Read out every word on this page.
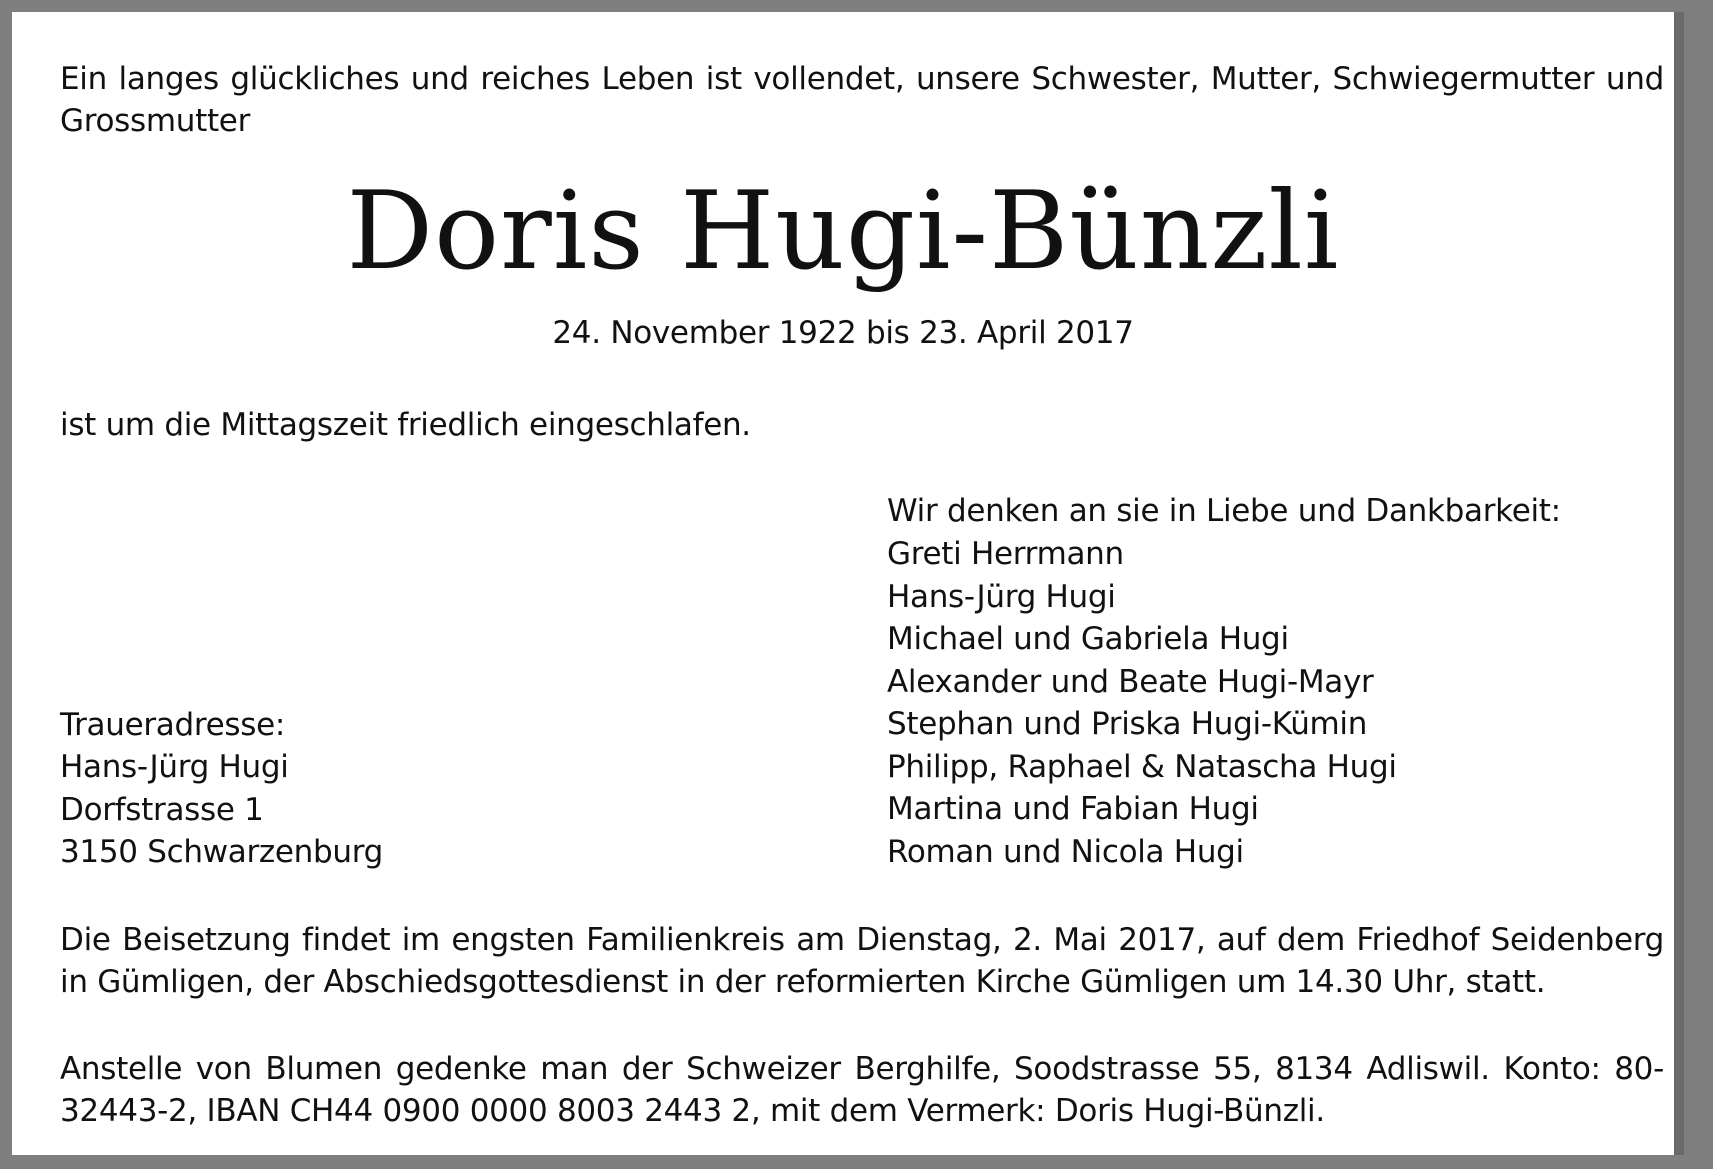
Ein langes glückliches und reiches Leben ist vollendet, unsere Schwester, Mutter, Schwiegermutter und Grossmutter
Doris Hugi-Bünzli
24. November 1922 bis 23. April 2017
ist um die Mittagszeit friedlich eingeschlafen.
Wir denken an sie in Liebe und Dankbarkeit:
Greti Herrmann
Hans-Jürg Hugi
Michael und Gabriela Hugi
Alexander und Beate Hugi-Mayr
Stephan und Priska Hugi-Kümin
Philipp, Raphael & Natascha Hugi
Martina und Fabian Hugi
Roman und Nicola Hugi
Traueradresse:
Hans-Jürg Hugi
Dorfstrasse 1
3150 Schwarzenburg
Die Beisetzung findet im engsten Familienkreis am Dienstag, 2. Mai 2017, auf dem Friedhof Seidenberg in Gümligen, der Abschiedsgottesdienst in der reformierten Kirche Gümligen um 14.30 Uhr, statt.
Anstelle von Blumen gedenke man der Schweizer Berghilfe, Soodstrasse 55, 8134 Adliswil. Konto: 80-32443-2, IBAN CH44 0900 0000 8003 2443 2, mit dem Vermerk: Doris Hugi-Bünzli.
